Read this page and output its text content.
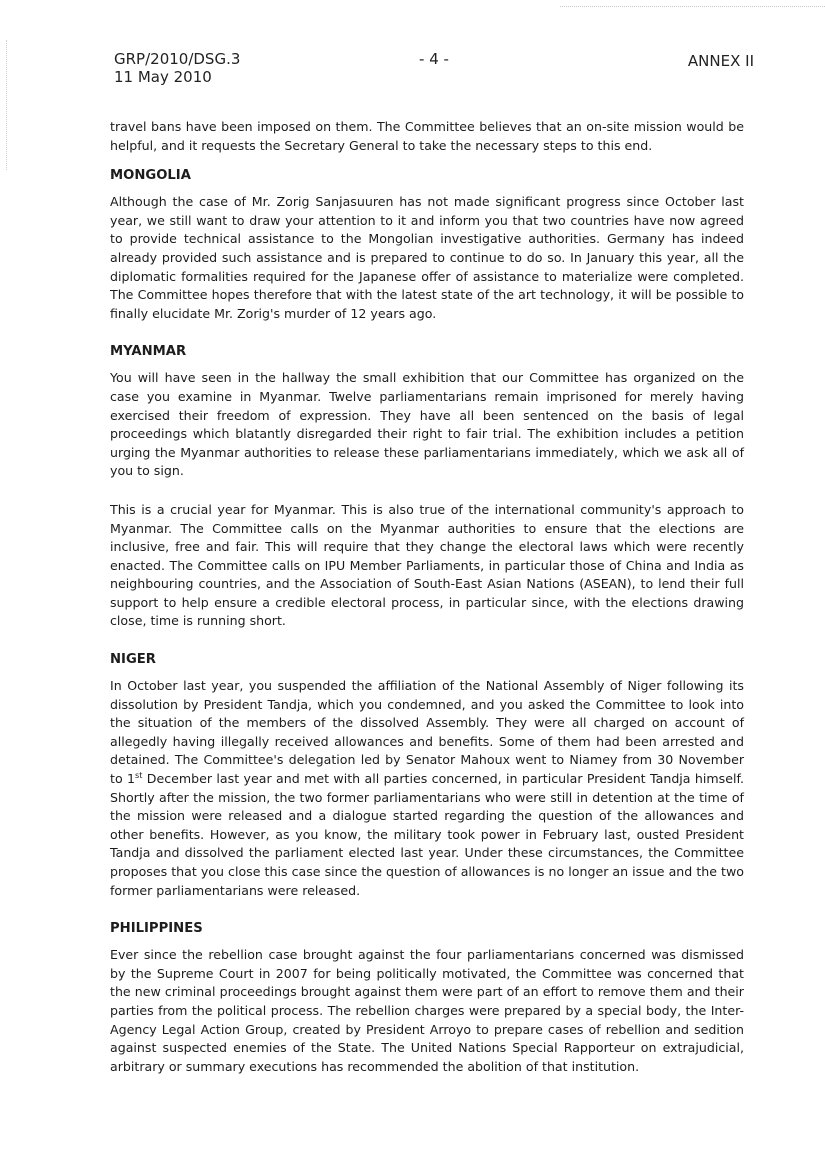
GRP/2010/DSG.3
11 May 2010
- 4 -	ANNEX II

travel bans have been imposed on them. The Committee believes that an on-site mission would be helpful, and it requests the Secretary General to take the necessary steps to this end.

MONGOLIA

Although the case of Mr. Zorig Sanjasuuren has not made significant progress since October last year, we still want to draw your attention to it and inform you that two countries have now agreed to provide technical assistance to the Mongolian investigative authorities. Germany has indeed already provided such assistance and is prepared to continue to do so. In January this year, all the diplomatic formalities required for the Japanese offer of assistance to materialize were completed. The Committee hopes therefore that with the latest state of the art technology, it will be possible to finally elucidate Mr. Zorig's murder of 12 years ago.

MYANMAR

You will have seen in the hallway the small exhibition that our Committee has organized on the case you examine in Myanmar. Twelve parliamentarians remain imprisoned for merely having exercised their freedom of expression. They have all been sentenced on the basis of legal proceedings which blatantly disregarded their right to fair trial. The exhibition includes a petition urging the Myanmar authorities to release these parliamentarians immediately, which we ask all of you to sign.

This is a crucial year for Myanmar. This is also true of the international community's approach to Myanmar. The Committee calls on the Myanmar authorities to ensure that the elections are inclusive, free and fair. This will require that they change the electoral laws which were recently enacted. The Committee calls on IPU Member Parliaments, in particular those of China and India as neighbouring countries, and the Association of South-East Asian Nations (ASEAN), to lend their full support to help ensure a credible electoral process, in particular since, with the elections drawing close, time is running short.

NIGER

In October last year, you suspended the affiliation of the National Assembly of Niger following its dissolution by President Tandja, which you condemned, and you asked the Committee to look into the situation of the members of the dissolved Assembly. They were all charged on account of allegedly having illegally received allowances and benefits. Some of them had been arrested and detained. The Committee's delegation led by Senator Mahoux went to Niamey from 30 November to 1st December last year and met with all parties concerned, in particular President Tandja himself. Shortly after the mission, the two former parliamentarians who were still in detention at the time of the mission were released and a dialogue started regarding the question of the allowances and other benefits. However, as you know, the military took power in February last, ousted President Tandja and dissolved the parliament elected last year. Under these circumstances, the Committee proposes that you close this case since the question of allowances is no longer an issue and the two former parliamentarians were released.

PHILIPPINES

Ever since the rebellion case brought against the four parliamentarians concerned was dismissed by the Supreme Court in 2007 for being politically motivated, the Committee was concerned that the new criminal proceedings brought against them were part of an effort to remove them and their parties from the political process. The rebellion charges were prepared by a special body, the Inter-Agency Legal Action Group, created by President Arroyo to prepare cases of rebellion and sedition against suspected enemies of the State. The United Nations Special Rapporteur on extrajudicial, arbitrary or summary executions has recommended the abolition of that institution.
